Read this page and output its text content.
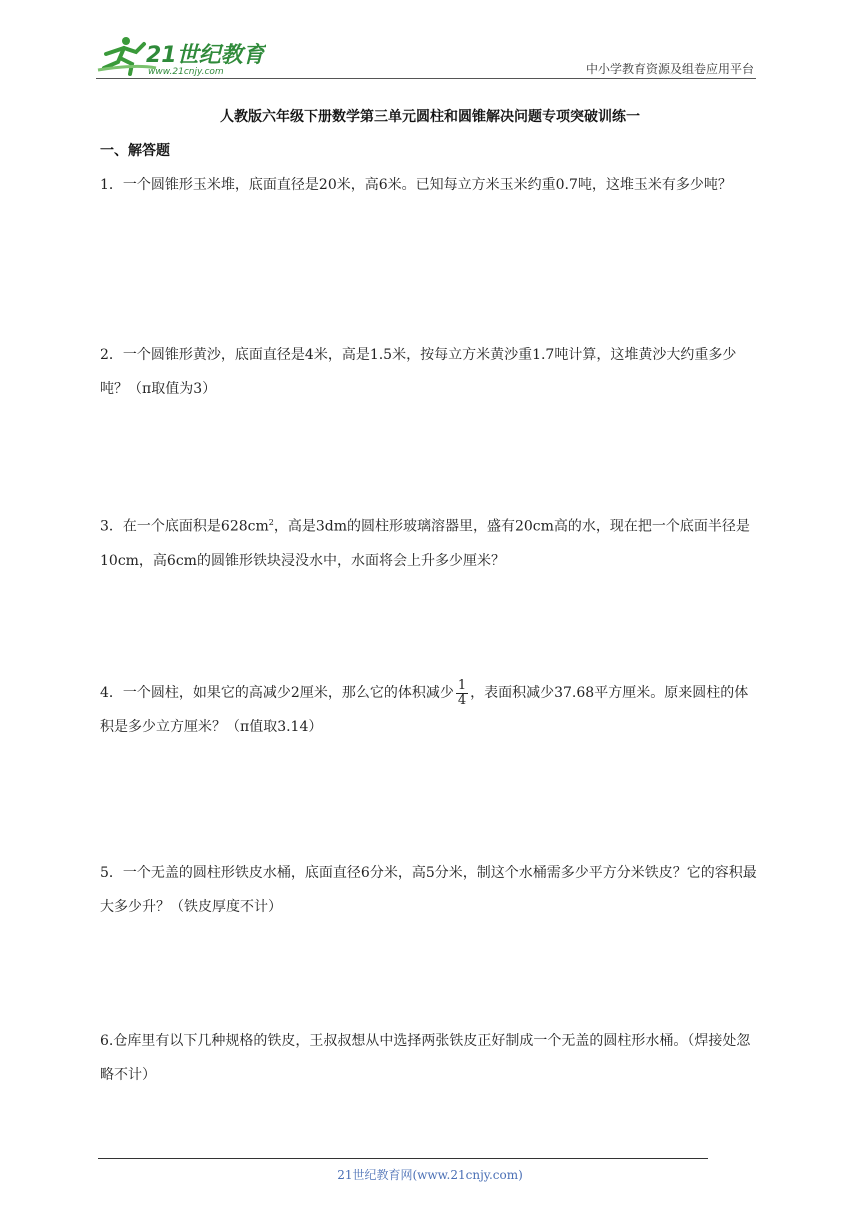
21世纪教育
www.21cnjy.com	中小学教育资源及组卷应用平台
人教版六年级下册数学第三单元圆柱和圆锥解决问题专项突破训练一
一、解答题
1．一个圆锥形玉米堆，底面直径是20米，高6米。已知每立方米玉米约重0.7吨，这堆玉米有多少吨？
2．一个圆锥形黄沙，底面直径是4米，高是1.5米，按每立方米黄沙重1.7吨计算，这堆黄沙大约重多少吨？（π取值为3）
3．在一个底面积是$628cm^2$，高是3dm的圆柱形玻璃溶器里，盛有20cm高的水，现在把一个底面半径是10cm，高6cm的圆锥形铁块浸没水中，水面将会上升多少厘米？
4．一个圆柱，如果它的高减少2厘米，那么它的体积减少 $\frac{1}{4}$ ，表面积减少37.68平方厘米。原来圆柱的体积是多少立方厘米？（π值取3.14）
5．一个无盖的圆柱形铁皮水桶，底面直径6分米，高5分米，制这个水桶需多少平方分米铁皮？它的容积最大多少升？（铁皮厚度不计）
6.仓库里有以下几种规格的铁皮，王叔叔想从中选择两张铁皮正好制成一个无盖的圆柱形水桶。（焊接处忽略不计）
21世纪教育网(www.21cnjy.com)
